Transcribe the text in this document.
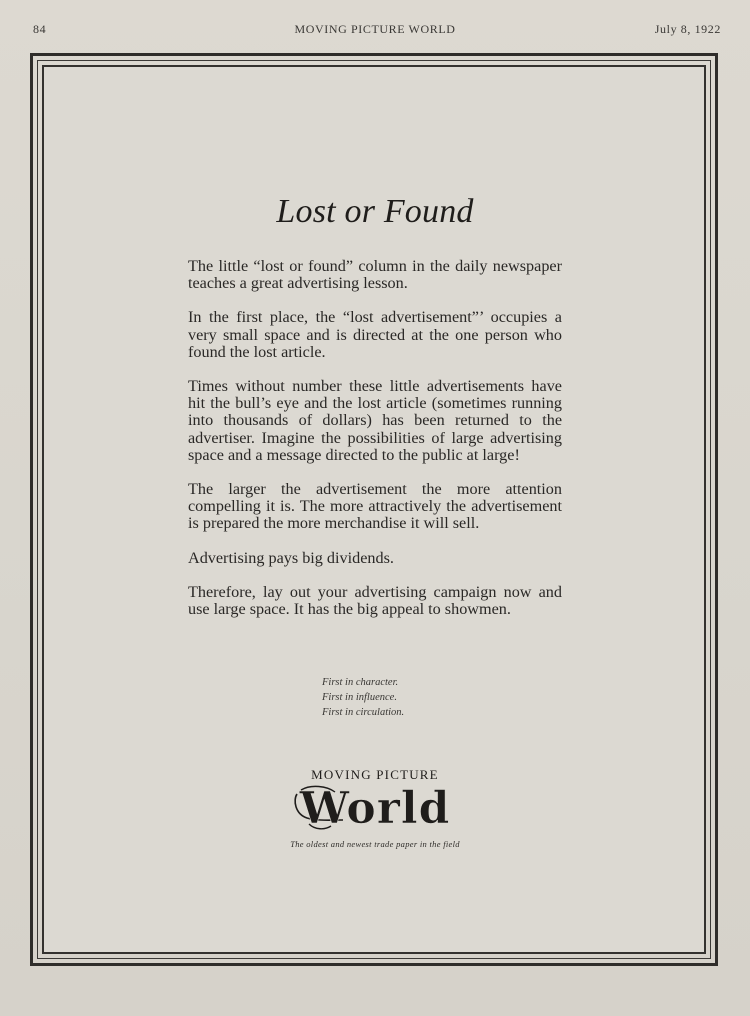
84	MOVING PICTURE WORLD	July 8, 1922
Lost or Found

The little “lost or found” column in the daily newspaper teaches a great advertising lesson.

In the first place, the “lost advertisement”’ occupies a very small space and is directed at the one person who found the lost article.

Times without number these little advertisements have hit the bull’s eye and the lost article (sometimes running into thousands of dollars) has been returned to the advertiser. Imagine the possibilities of large advertising space and a message directed to the public at large!

The larger the advertisement the more attention compelling it is. The more attractively the advertisement is prepared the more merchandise it will sell.

Advertising pays big dividends.

Therefore, lay out your advertising campaign now and use large space. It has the big appeal to showmen.

First in character.
First in influence.
First in circulation.
MOVING PICTURE
World
The oldest and newest trade paper in the field
